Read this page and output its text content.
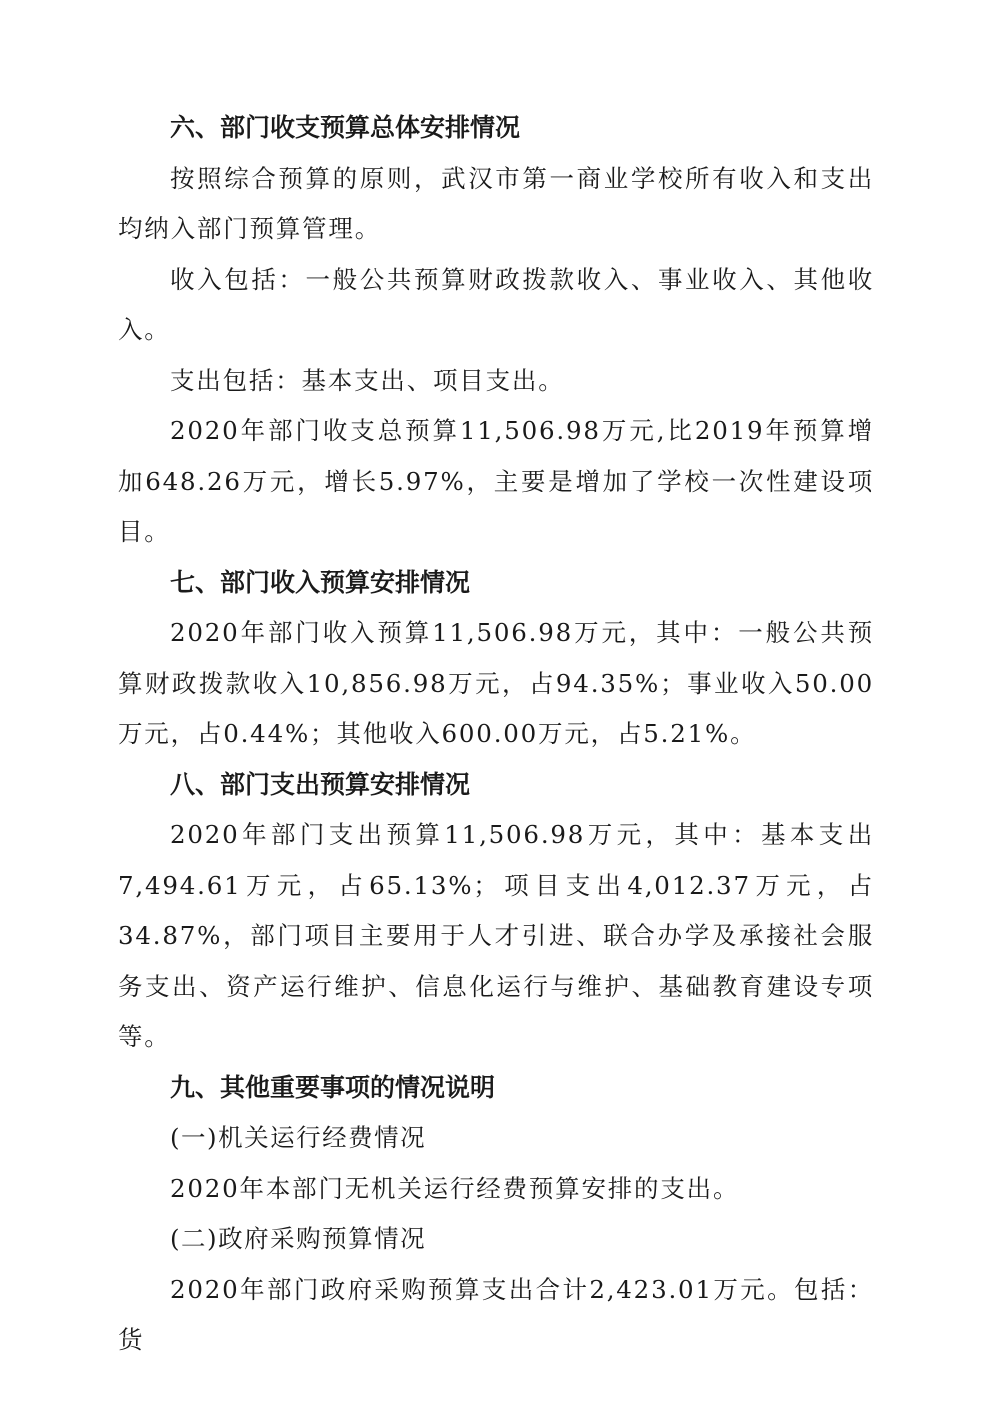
六、部门收支预算总体安排情况
按照综合预算的原则，武汉市第一商业学校所有收入和支出均纳入部门预算管理。
收入包括：一般公共预算财政拨款收入、事业收入、其他收入。
支出包括：基本支出、项目支出。
2020年部门收支总预算11,506.98万元,比2019年预算增加648.26万元，增长5.97%，主要是增加了学校一次性建设项目。
七、部门收入预算安排情况
2020年部门收入预算11,506.98万元，其中：一般公共预算财政拨款收入10,856.98万元，占94.35%；事业收入50.00万元，占0.44%；其他收入600.00万元，占5.21%。
八、部门支出预算安排情况
2020年部门支出预算11,506.98万元，其中：基本支出7,494.61万元，占65.13%；项目支出4,012.37万元，占34.87%，部门项目主要用于人才引进、联合办学及承接社会服务支出、资产运行维护、信息化运行与维护、基础教育建设专项等。
九、其他重要事项的情况说明
(一)机关运行经费情况
2020年本部门无机关运行经费预算安排的支出。
(二)政府采购预算情况
2020年部门政府采购预算支出合计2,423.01万元。包括：货
